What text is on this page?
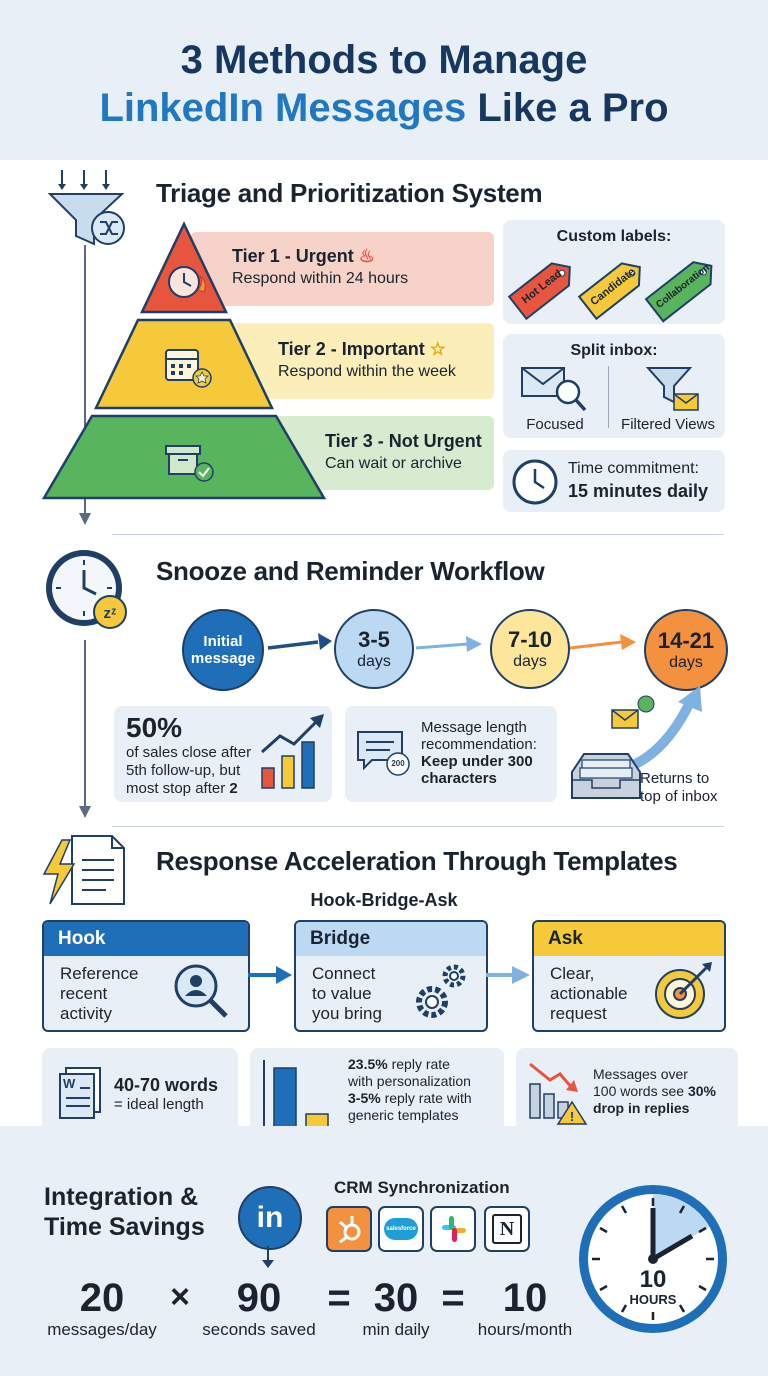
3 Methods to Manage
LinkedIn Messages Like a Pro
Triage and Prioritization System
Tier 1 - Urgent ♨
Respond within 24 hours
Tier 2 - Important ☆
Respond within the week
Tier 3 - Not Urgent
Can wait or archive
Custom labels:
Hot Lead	Candidate Collaboration
Split inbox:
Focused	Filtered Views
Time commitment:
15 minutes daily
zᶻ
Snooze and Reminder Workflow
Initial
message
3-5
days
7-10
days
14-21
days
50%
of sales close after
5th follow-up, but
most stop after 2
200
Message length
recommendation:
Keep under 300
characters	Returns to
top of inbox
Response Acceleration Through Templates
Hook-Bridge-Ask
Hook
Reference
recent
activity
Bridge
Connect
to value
you bring
Ask
Clear,
actionable
request
W 40-70 words
= ideal length
23.5% reply rate
with personalization
3-5% reply rate with
generic templates	!
Messages over
100 words see 30%
drop in replies
Integration &
Time Savings in
CRM Synchronization
salesforce	N
20
messages/day
×	90
seconds saved
= 30
min daily
= 10
hours/month
10
HOURS
